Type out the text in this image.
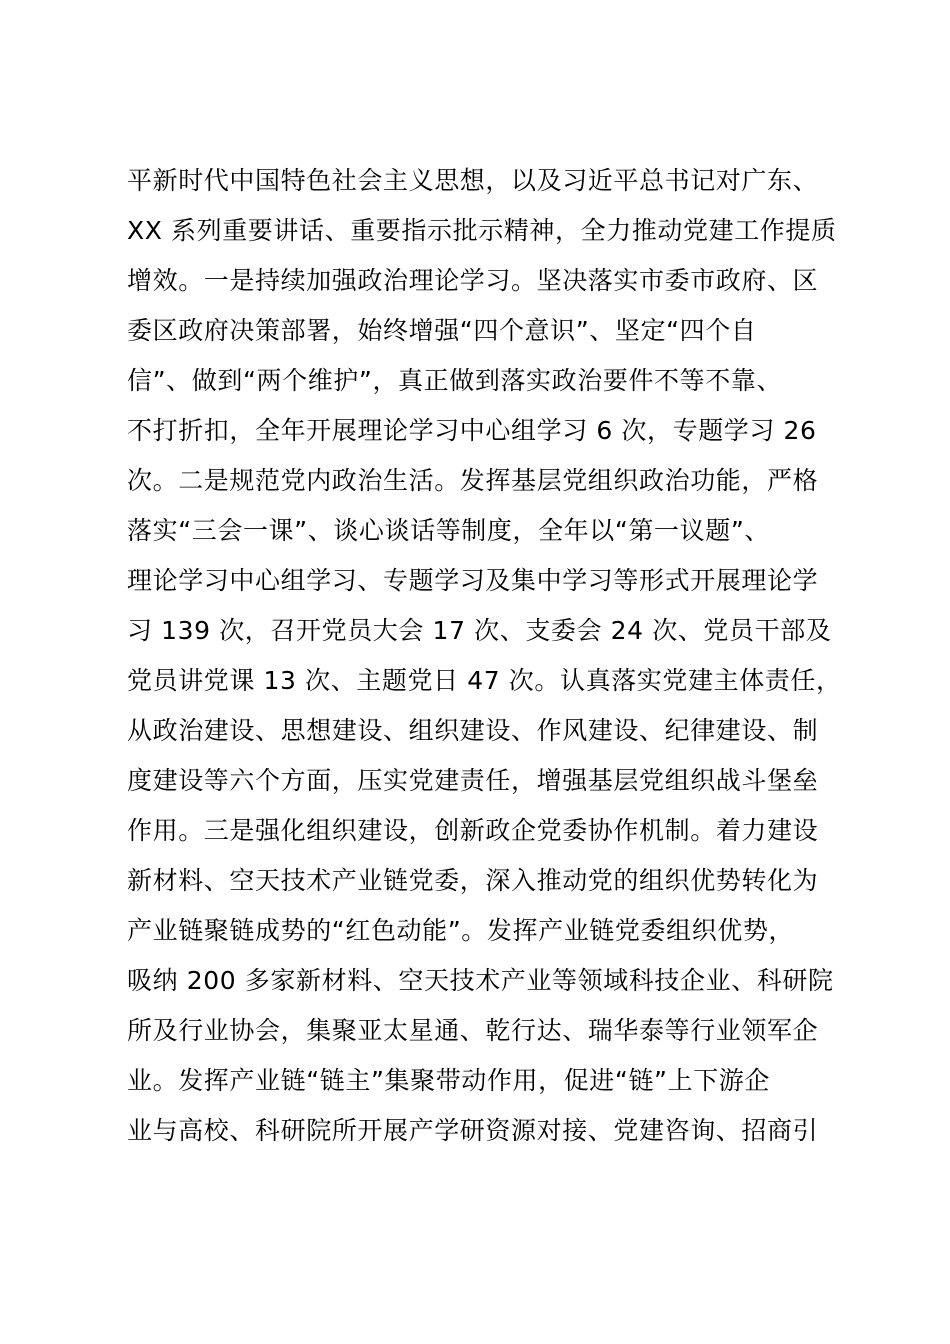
平新时代中国特色社会主义思想，以及习近平总书记对广东、
XX 系列重要讲话、重要指示批示精神，全力推动党建工作提质
增效。一是持续加强政治理论学习。坚决落实市委市政府、区
委区政府决策部署，始终增强“四个意识”、坚定“四个自
信”、做到“两个维护”，真正做到落实政治要件不等不靠、
不打折扣，全年开展理论学习中心组学习 6 次，专题学习 26
次。二是规范党内政治生活。发挥基层党组织政治功能，严格
落实“三会一课”、谈心谈话等制度，全年以“第一议题”、
理论学习中心组学习、专题学习及集中学习等形式开展理论学
习 139 次，召开党员大会 17 次、支委会 24 次、党员干部及
党员讲党课 13 次、主题党日 47 次。认真落实党建主体责任，
从政治建设、思想建设、组织建设、作风建设、纪律建设、制
度建设等六个方面，压实党建责任，增强基层党组织战斗堡垒
作用。三是强化组织建设，创新政企党委协作机制。着力建设
新材料、空天技术产业链党委，深入推动党的组织优势转化为
产业链聚链成势的“红色动能”。发挥产业链党委组织优势，
吸纳 200 多家新材料、空天技术产业等领域科技企业、科研院
所及行业协会，集聚亚太星通、乾行达、瑞华泰等行业领军企
业。发挥产业链“链主”集聚带动作用，促进“链”上下游企
业与高校、科研院所开展产学研资源对接、党建咨询、招商引
